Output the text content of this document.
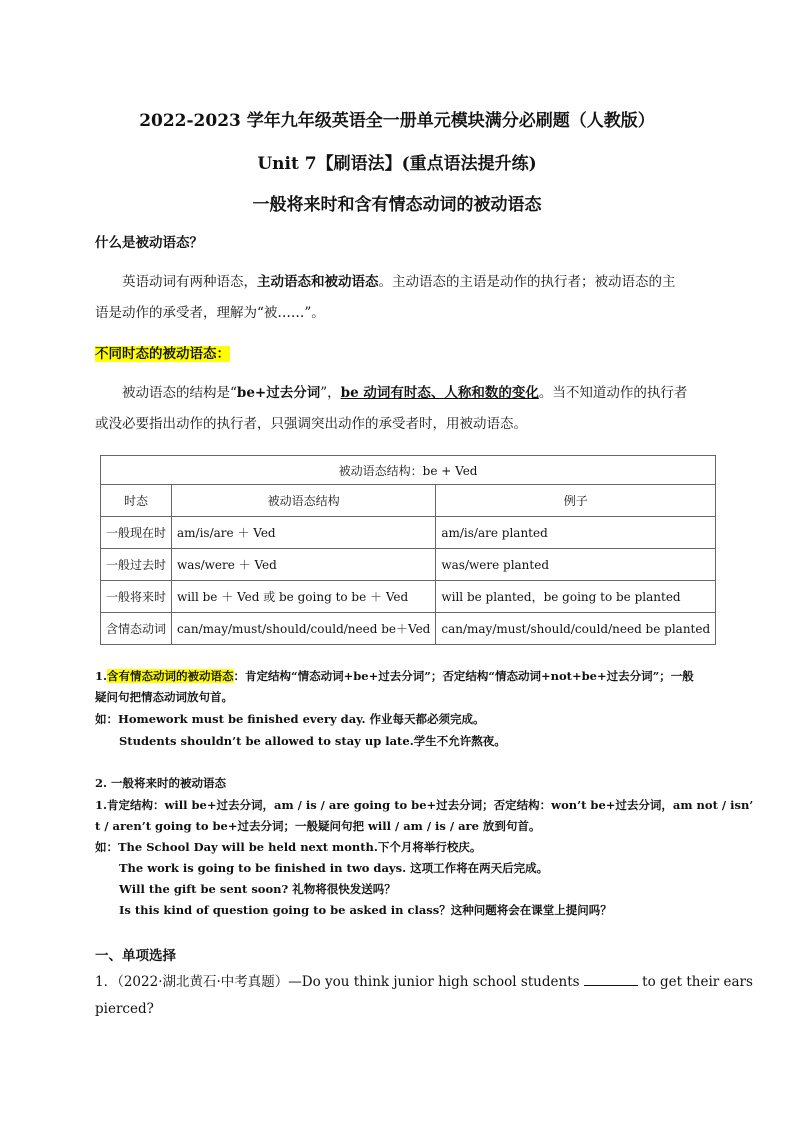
2022-2023 学年九年级英语全一册单元模块满分必刷题（人教版）
Unit 7【刷语法】(重点语法提升练)
一般将来时和含有情态动词的被动语态
什么是被动语态？
英语动词有两种语态，主动语态和被动语态。主动语态的主语是动作的执行者；被动语态的主
语是动作的承受者，理解为“被……”。
不同时态的被动语态：
被动语态的结构是“be+过去分词”，be 动词有时态、人称和数的变化。当不知道动作的执行者
或没必要指出动作的执行者，只强调突出动作的承受者时，用被动语态。
被动语态结构：be + Ved		
时态	被动语态结构	例子
一般现在时	am/is/are ＋ Ved	am/is/are planted
一般过去时	was/were ＋ Ved	was/were planted
一般将来时	will be ＋ Ved 或 be going to be ＋ Ved	will be planted，be going to be planted
含情态动词	can/may/must/should/could/need be＋Ved	can/may/must/should/could/need be planted
1.含有情态动词的被动语态：肯定结构“情态动词+be+过去分词”；否定结构“情态动词+not+be+过去分词”；一般
疑问句把情态动词放句首。
如：Homework must be finished every day. 作业每天都必须完成。
Students shouldn’t be allowed to stay up late.学生不允许熬夜。
2. 一般将来时的被动语态
1.肯定结构：will be+过去分词，am / is / are going to be+过去分词；否定结构：won’t be+过去分词，am not / isn’
t / aren’t going to be+过去分词；一般疑问句把 will / am / is / are 放到句首。
如：The School Day will be held next month.下个月将举行校庆。
The work is going to be finished in two days. 这项工作将在两天后完成。
Will the gift be sent soon? 礼物将很快发送吗？
Is this kind of question going to be asked in class？这种问题将会在课堂上提问吗？
一、单项选择
1．（2022·湖北黄石·中考真题）—Do you think junior high school students	to get their ears
pierced?
